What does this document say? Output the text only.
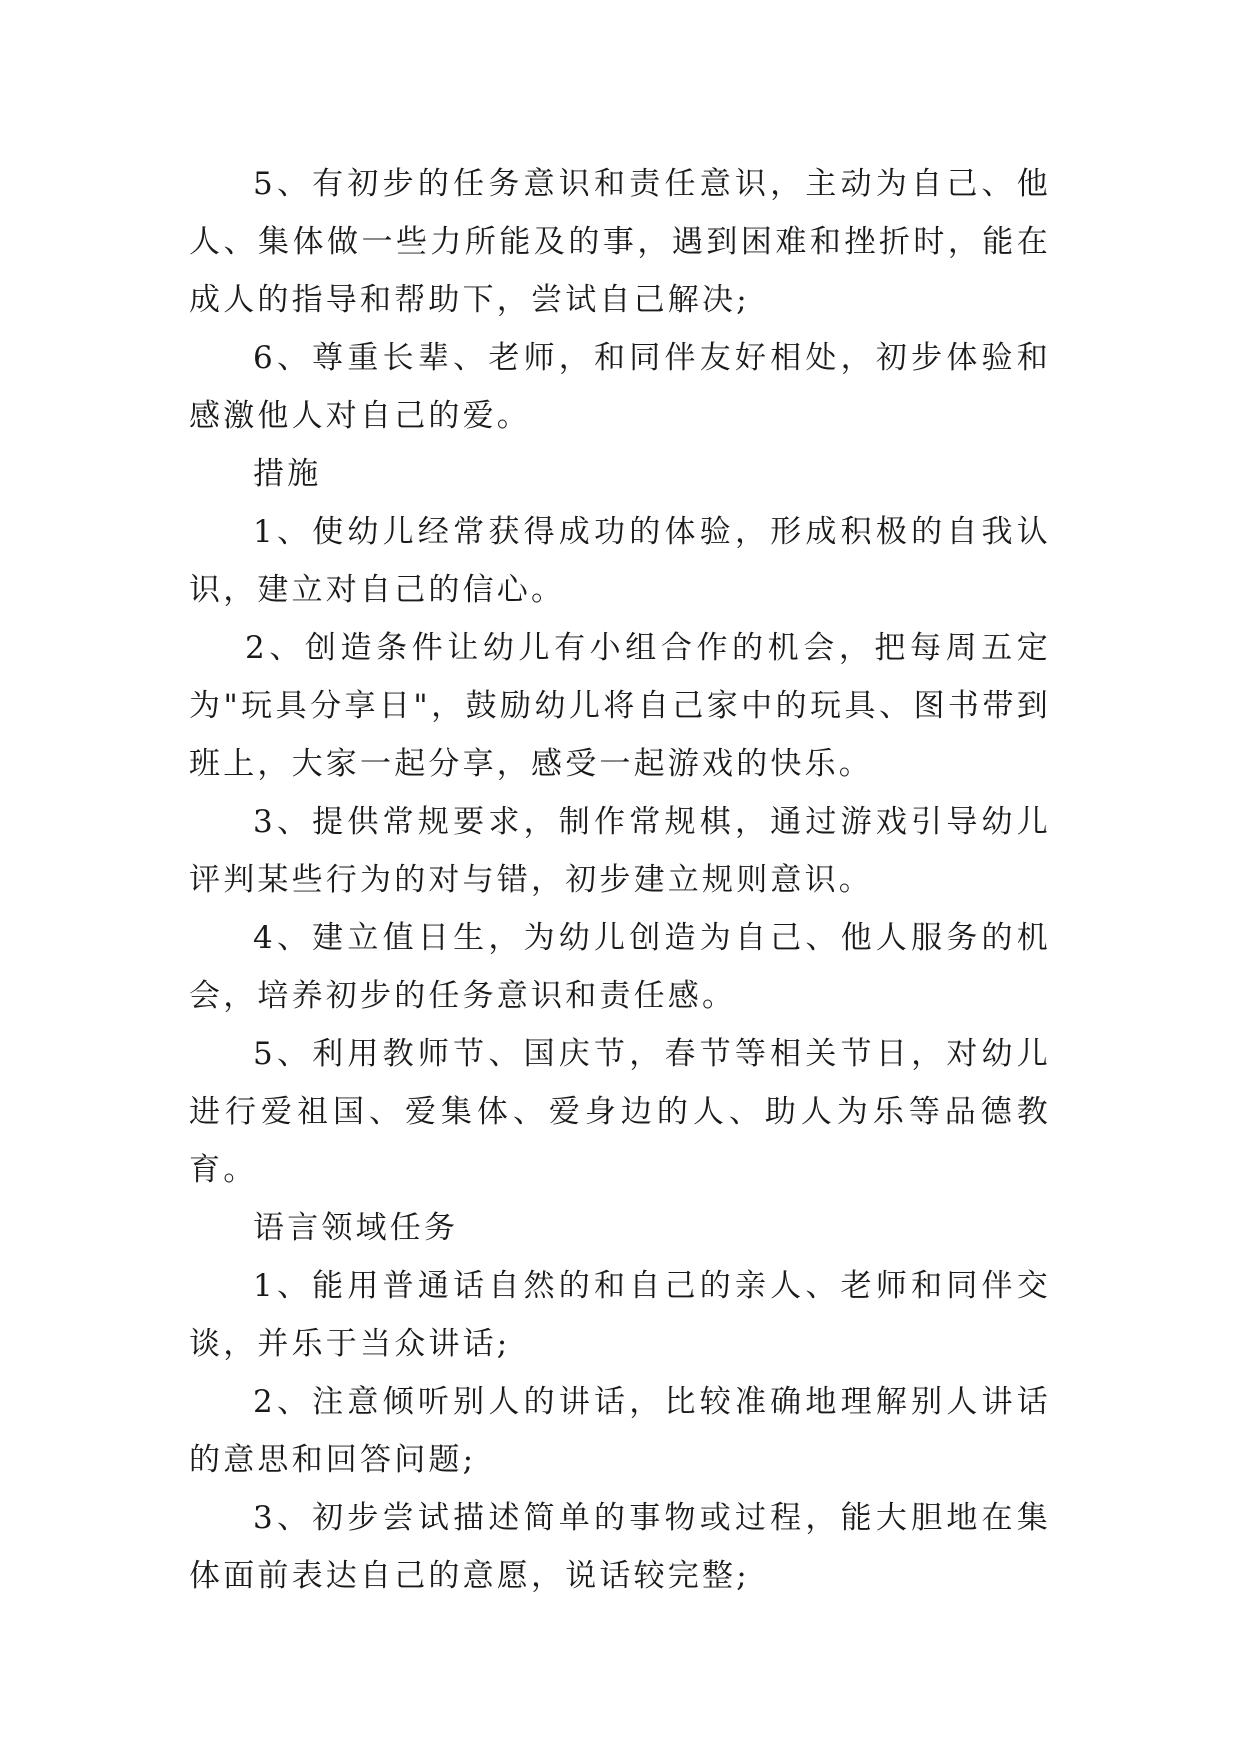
5、有初步的任务意识和责任意识，主动为自己、他人、集体做一些力所能及的事，遇到困难和挫折时，能在成人的指导和帮助下，尝试自己解决;

6、尊重长辈、老师，和同伴友好相处，初步体验和感激他人对自己的爱。

措施

1、使幼儿经常获得成功的体验，形成积极的自我认识，建立对自己的信心。

2、创造条件让幼儿有小组合作的机会，把每周五定为"玩具分享日"，鼓励幼儿将自己家中的玩具、图书带到班上，大家一起分享，感受一起游戏的快乐。

3、提供常规要求，制作常规棋，通过游戏引导幼儿评判某些行为的对与错，初步建立规则意识。

4、建立值日生，为幼儿创造为自己、他人服务的机会，培养初步的任务意识和责任感。

5、利用教师节、国庆节，春节等相关节日，对幼儿进行爱祖国、爱集体、爱身边的人、助人为乐等品德教育。

语言领域任务

1、能用普通话自然的和自己的亲人、老师和同伴交谈，并乐于当众讲话;

2、注意倾听别人的讲话，比较准确地理解别人讲话的意思和回答问题;

3、初步尝试描述简单的事物或过程，能大胆地在集体面前表达自己的意愿，说话较完整;
